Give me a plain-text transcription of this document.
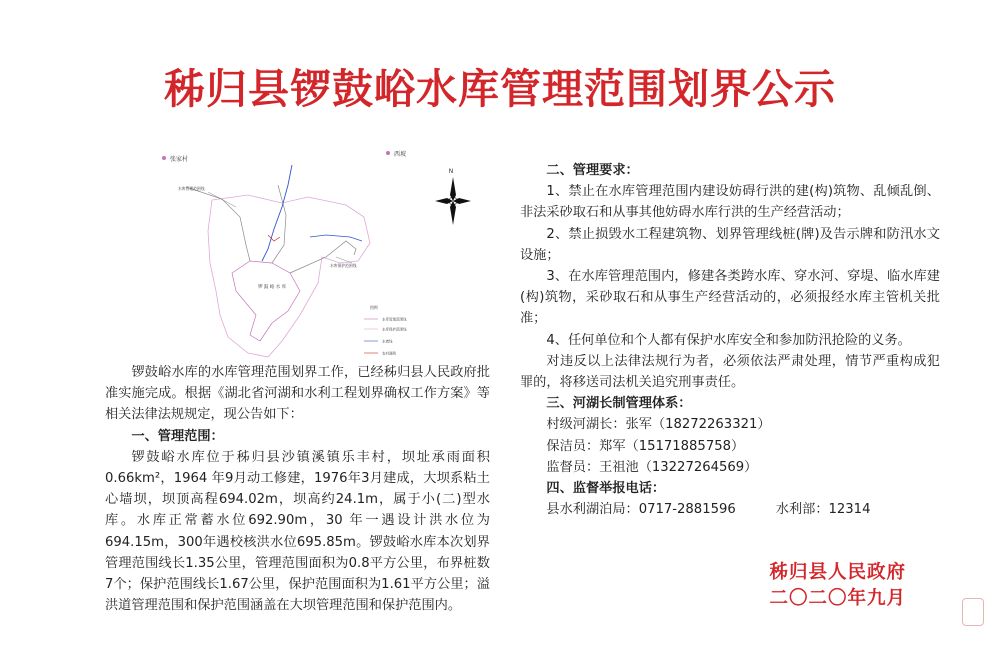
秭归县锣鼓峪水库管理范围划界公示
张家村
西坡
水库管理范围线
水库保护范围线
锣 鼓 峪 水 库
N
图例
水库管理范围线
水库保护范围线
水流线
农村道路

锣鼓峪水库的水库管理范围划界工作，已经秭归县人民政府批准实施完成。根据《湖北省河湖和水利工程划界确权工作方案》等相关法律法规规定，现公告如下：

一、管理范围：

锣鼓峪水库位于秭归县沙镇溪镇乐丰村，坝址承雨面积0.66km²，1964 年9月动工修建，1976年3月建成，大坝系粘土心墙坝，坝顶高程694.02m，坝高约24.1m，属于小(二)型水库。水库正常蓄水位692.90m，30 年一遇设计洪水位为694.15m，300年遇校核洪水位695.85m。锣鼓峪水库本次划界管理范围线长1.35公里，管理范围面积为0.8平方公里，布界桩数7个；保护范围线长1.67公里，保护范围面积为1.61平方公里；溢洪道管理范围和保护范围涵盖在大坝管理范围和保护范围内。

二、管理要求：

1、禁止在水库管理范围内建设妨碍行洪的建(构)筑物、乱倾乱倒、非法采砂取石和从事其他妨碍水库行洪的生产经营活动；

2、禁止损毁水工程建筑物、划界管理线桩(牌)及告示牌和防汛水文设施；

3、在水库管理范围内，修建各类跨水库、穿水河、穿堤、临水库建(构)筑物，采砂取石和从事生产经营活动的，必须报经水库主管机关批准；

4、任何单位和个人都有保护水库安全和参加防汛抢险的义务。

对违反以上法律法规行为者，必须依法严肃处理，情节严重构成犯罪的，将移送司法机关追究刑事责任。

三、河湖长制管理体系：

村级河湖长：张军（18272263321）

保洁员：郑军（15171885758）

监督员：王祖池（13227264569）

四、监督举报电话：

县水利湖泊局：0717-2881596	水利部：12314

秭归县人民政府
二〇二〇年九月
